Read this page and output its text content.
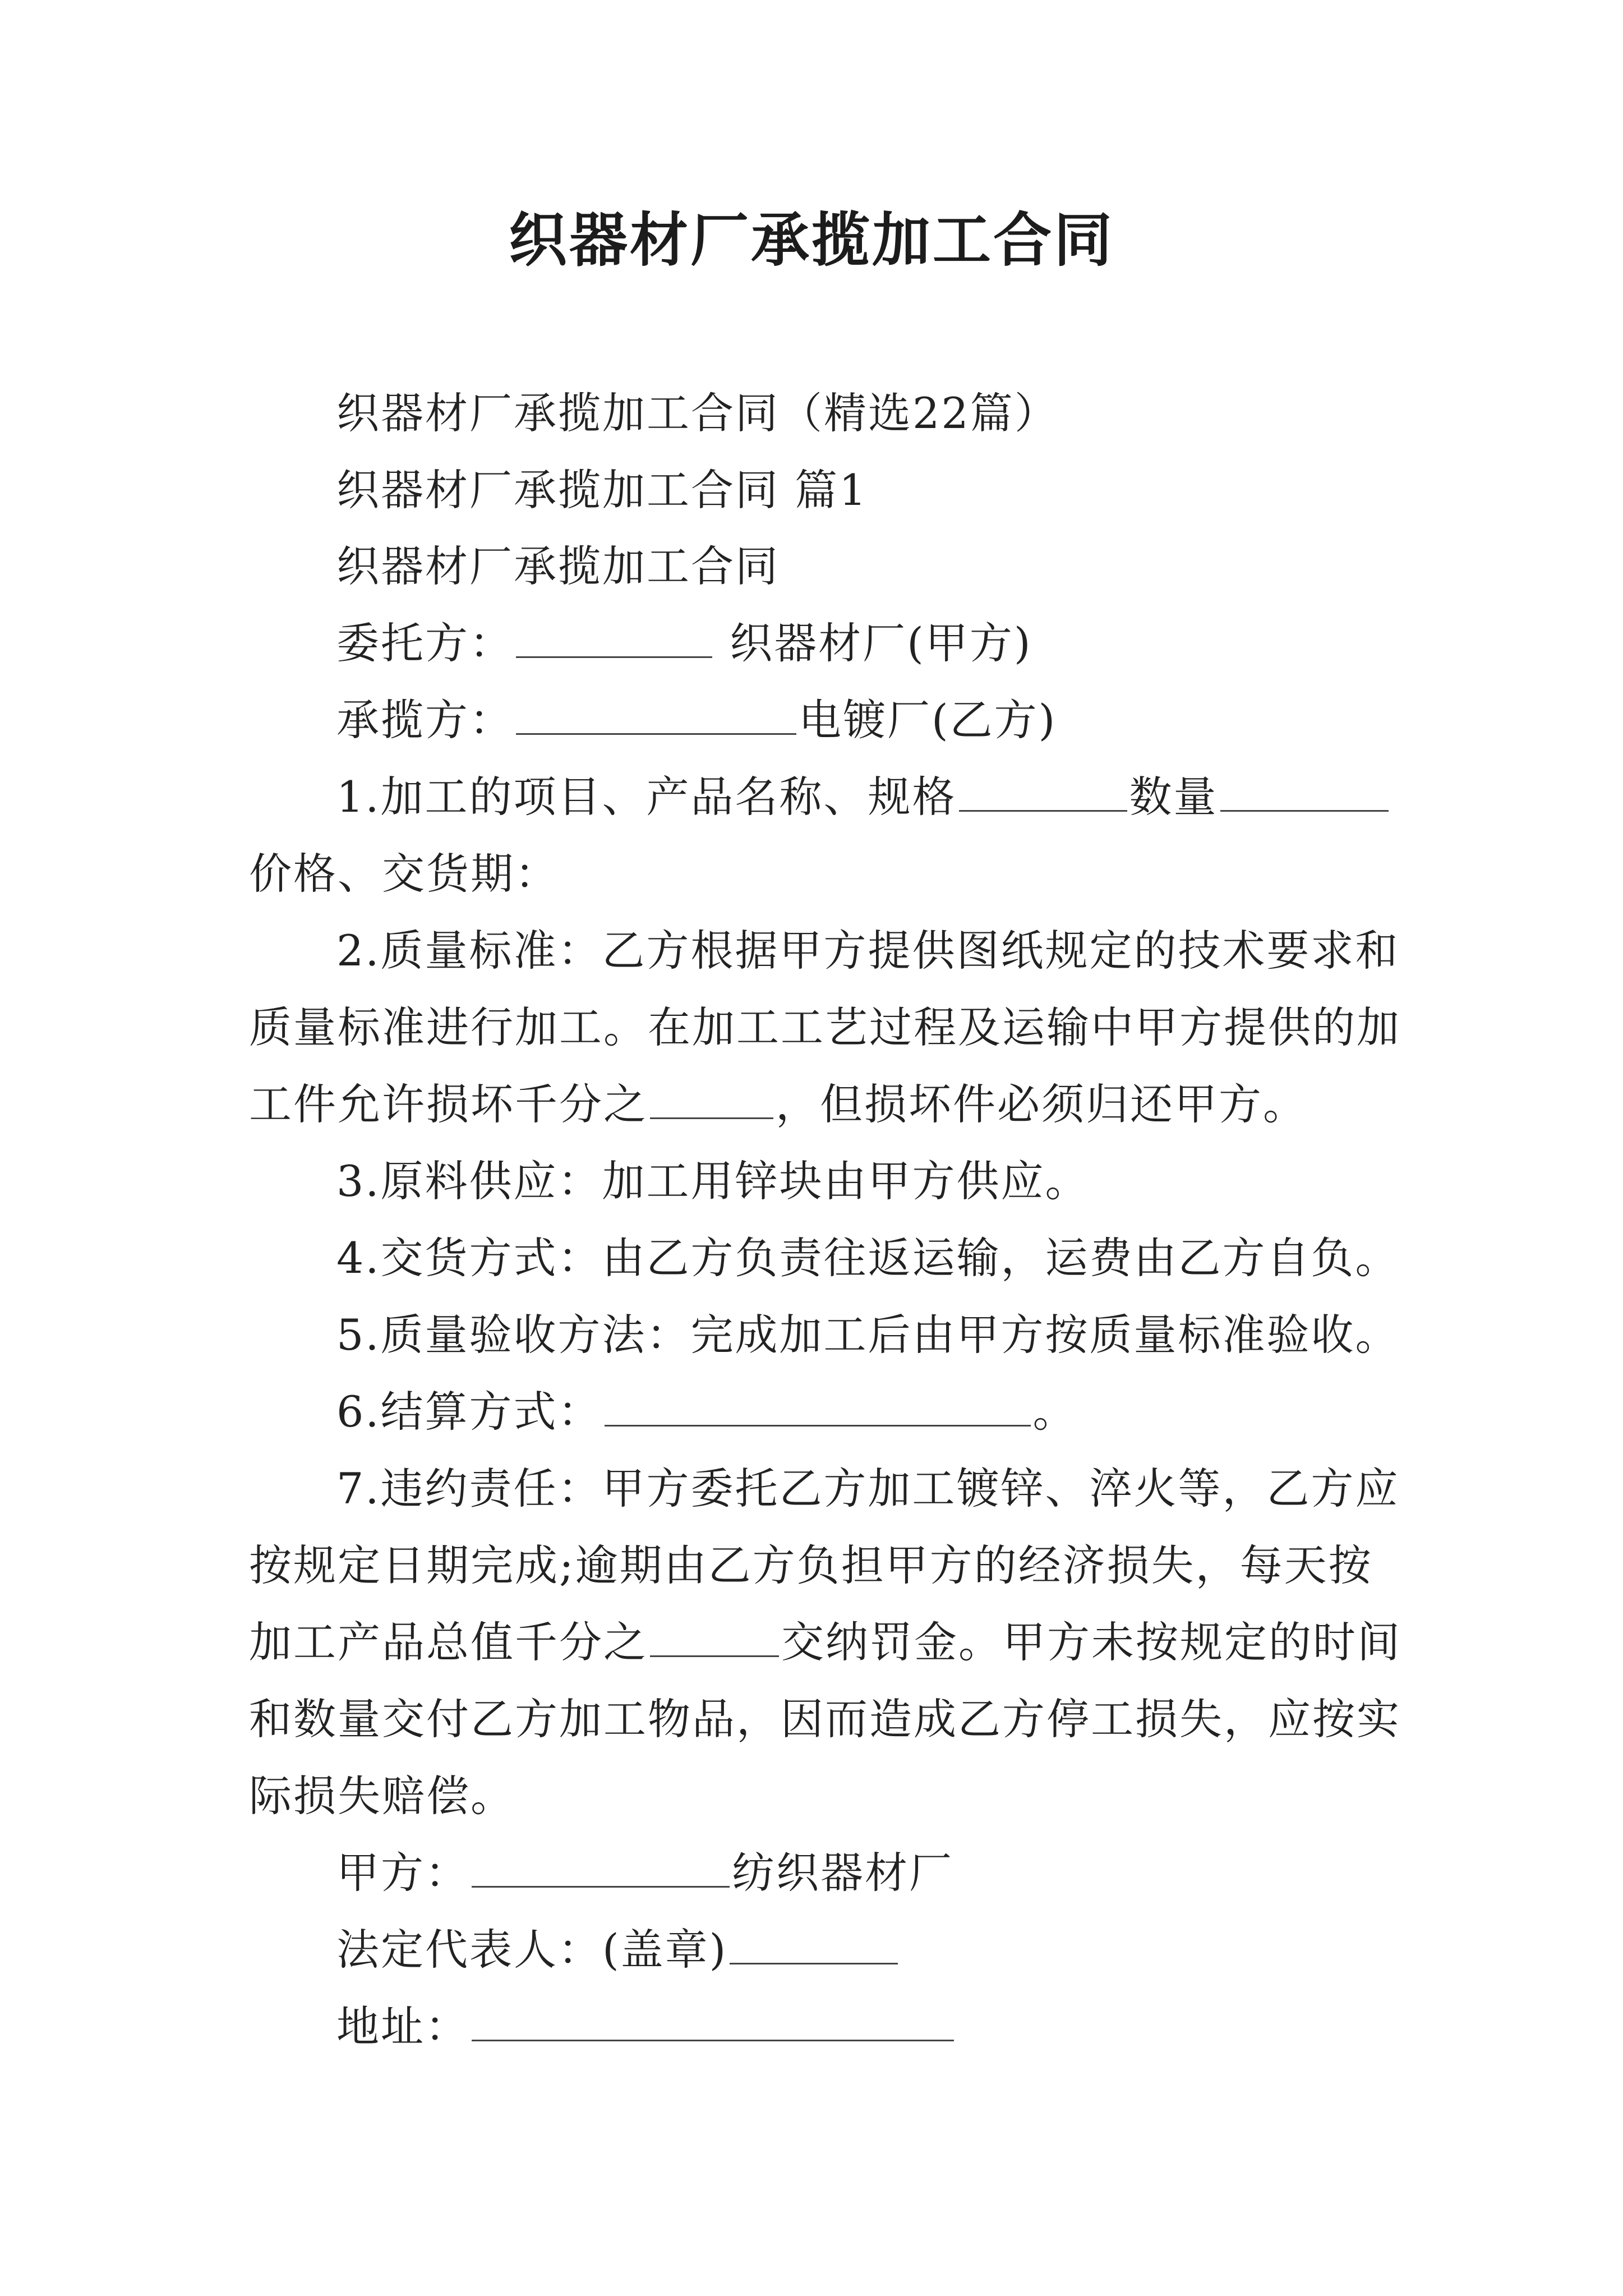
织器材厂承揽加工合同
织器材厂承揽加工合同（精选22篇）
织器材厂承揽加工合同 篇1
织器材厂承揽加工合同
委托方：	织器材厂(甲方)
承揽方：	电镀厂(乙方)
1.加工的项目、产品名称、规格	数量
价格、交货期：
2.质量标准：乙方根据甲方提供图纸规定的技术要求和
质量标准进行加工。在加工工艺过程及运输中甲方提供的加
工件允许损坏千分之	，但损坏件必须归还甲方。
3.原料供应：加工用锌块由甲方供应。
4.交货方式：由乙方负责往返运输，运费由乙方自负。
5.质量验收方法：完成加工后由甲方按质量标准验收。
6.结算方式：	。
7.违约责任：甲方委托乙方加工镀锌、淬火等，乙方应
按规定日期完成;逾期由乙方负担甲方的经济损失，每天按
加工产品总值千分之	交纳罚金。甲方未按规定的时间
和数量交付乙方加工物品，因而造成乙方停工损失，应按实
际损失赔偿。
甲方：	纺织器材厂
法定代表人：(盖章)
地址：
